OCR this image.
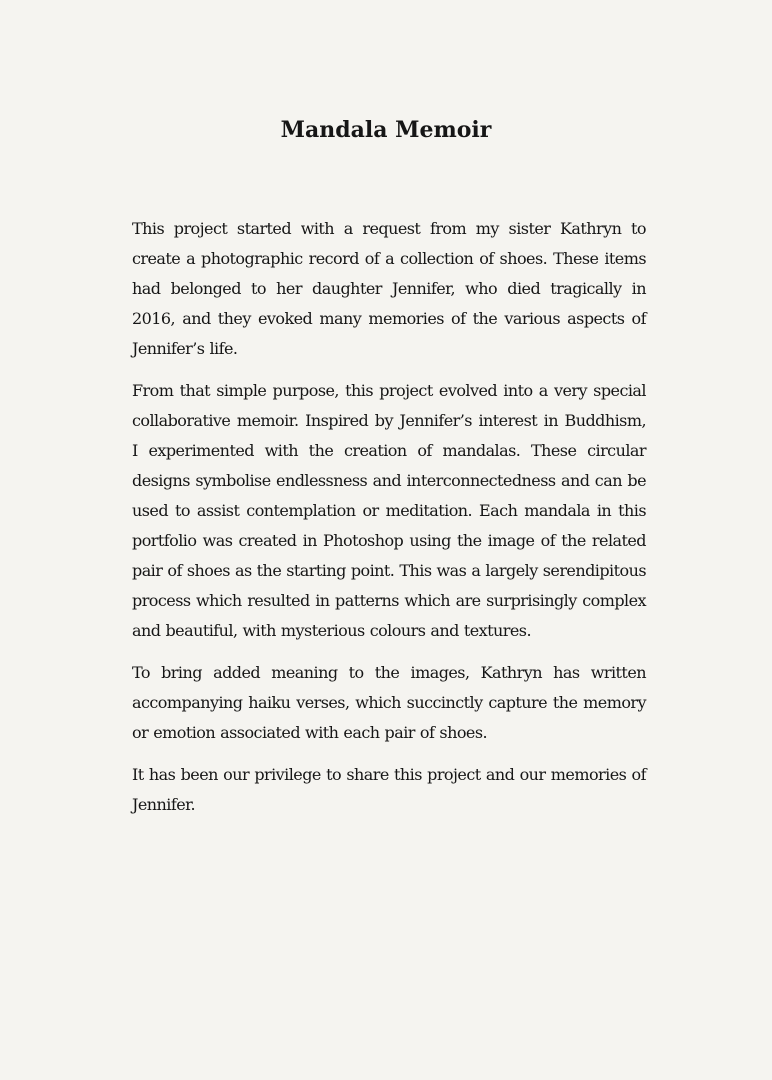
Mandala Memoir

This project started with a request from my sister Kathryn to create a photographic record of a collection of shoes. These items had belonged to her daughter Jennifer, who died tragically in 2016, and they evoked many memories of the various aspects of Jennifer’s life.

From that simple purpose, this project evolved into a very special collaborative memoir. Inspired by Jennifer’s interest in Buddhism, I experimented with the creation of mandalas. These circular designs symbolise endlessness and interconnectedness and can be used to assist contemplation or meditation. Each mandala in this portfolio was created in Photoshop using the image of the related pair of shoes as the starting point. This was a largely serendipitous process which resulted in patterns which are surprisingly complex and beautiful, with mysterious colours and textures.

To bring added meaning to the images, Kathryn has written accompanying haiku verses, which succinctly capture the memory or emotion associated with each pair of shoes.

It has been our privilege to share this project and our memories of Jennifer.
